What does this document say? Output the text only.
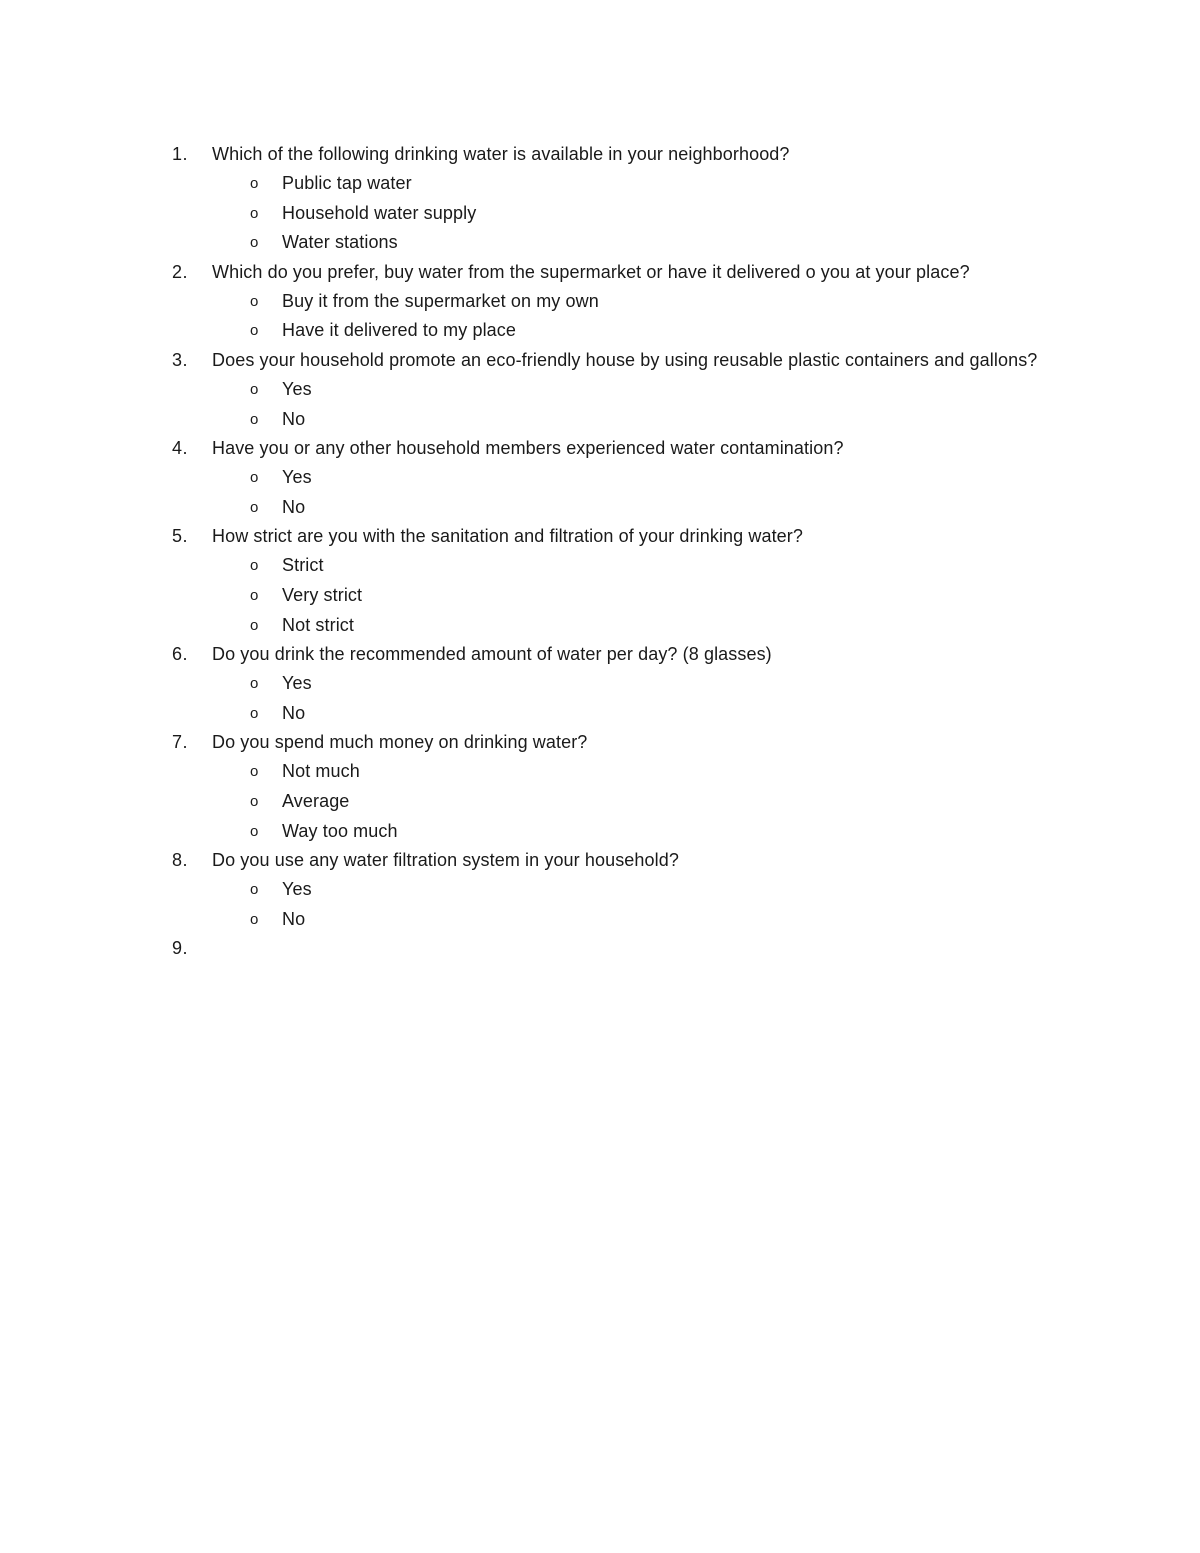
1. Which of the following drinking water is available in your neighborhood?
o Public tap water
o Household water supply
o Water stations
2. Which do you prefer, buy water from the supermarket or have it delivered o you at your place?
o Buy it from the supermarket on my own
o Have it delivered to my place
3. Does your household promote an eco-friendly house by using reusable plastic containers and gallons?
o Yes
o No
4. Have you or any other household members experienced water contamination?
o Yes
o No
5. How strict are you with the sanitation and filtration of your drinking water?
o Strict
o Very strict
o Not strict
6. Do you drink the recommended amount of water per day? (8 glasses)
o Yes
o No
7. Do you spend much money on drinking water?
o Not much
o Average
o Way too much
8. Do you use any water filtration system in your household?
o Yes
o No
9.
